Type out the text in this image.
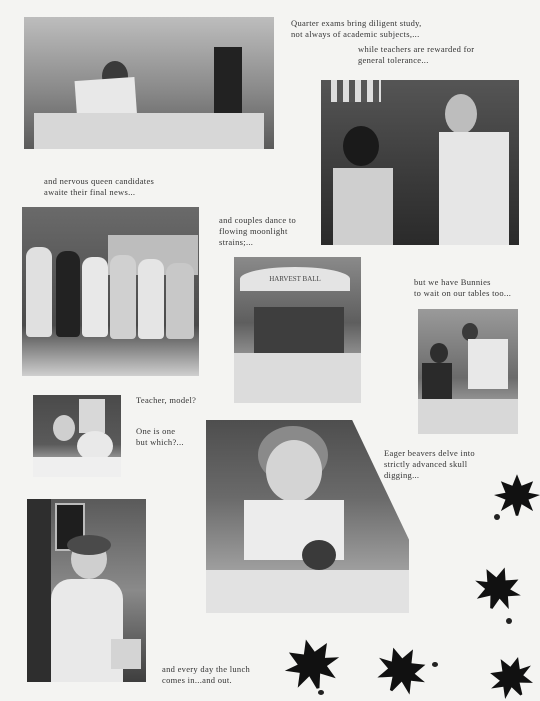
Quarter exams bring diligent study,
not always of academic subjects,...
while teachers are rewarded for
general tolerance...
and nervous queen candidates
awaite their final news...
and couples dance to
flowing moonlight
strains;...
HARVEST BALL	but we have Bunnies
to wait on our tables too...
Teacher, model?
One is one
but which?...
Eager beavers delve into
strictly advanced skull
digging...
and every day the lunch
comes in...and out.
